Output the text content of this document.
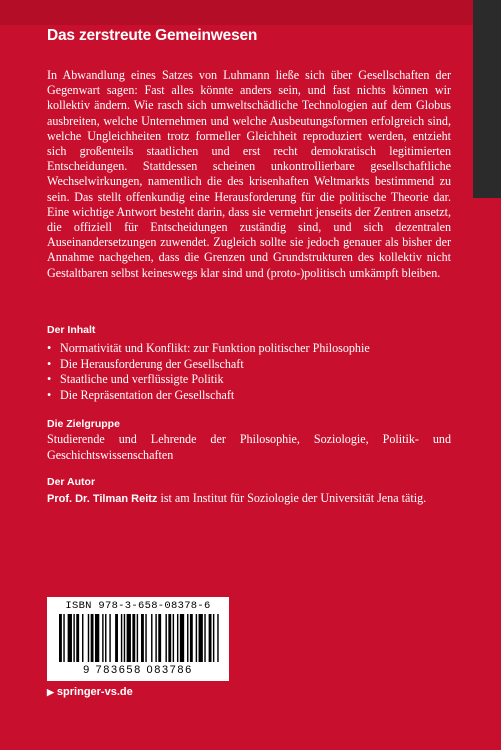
Das zerstreute Gemeinwesen
In Abwandlung eines Satzes von Luhmann ließe sich über Gesellschaften der Gegenwart sagen: Fast alles könnte anders sein, und fast nichts können wir kollektiv ändern. Wie rasch sich umweltschädliche Technologien auf dem Globus ausbreiten, welche Unternehmen und welche Ausbeutungsformen erfolgreich sind, welche Ungleichheiten trotz formeller Gleichheit reproduziert werden, entzieht sich großenteils staatlichen und erst recht demokratisch legitimierten Entscheidungen. Stattdessen scheinen unkontrollierbare gesellschaftliche Wechselwirkungen, namentlich die des krisenhaften Weltmarkts bestimmend zu sein. Das stellt offenkundig eine Herausforderung für die politische Theorie dar. Eine wichtige Antwort besteht darin, dass sie vermehrt jenseits der Zentren ansetzt, die offiziell für Entscheidungen zuständig sind, und sich dezentralen Auseinandersetzungen zuwendet. Zugleich sollte sie jedoch genauer als bisher der Annahme nachgehen, dass die Grenzen und Grundstrukturen des kollektiv nicht Gestaltbaren selbst keineswegs klar sind und (proto-)politisch umkämpft bleiben.
Der Inhalt
• Normativität und Konflikt: zur Funktion politischer Philosophie
• Die Herausforderung der Gesellschaft
• Staatliche und verflüssigte Politik
• Die Repräsentation der Gesellschaft
Die Zielgruppe
Studierende und Lehrende der Philosophie, Soziologie, Politik- und Geschichtswissenschaften
Der Autor
Prof. Dr. Tilman Reitz ist am Institut für Soziologie der Universität Jena tätig.
ISBN 978-3-658-08378-6
9 783658 083786
▶ springer-vs.de
